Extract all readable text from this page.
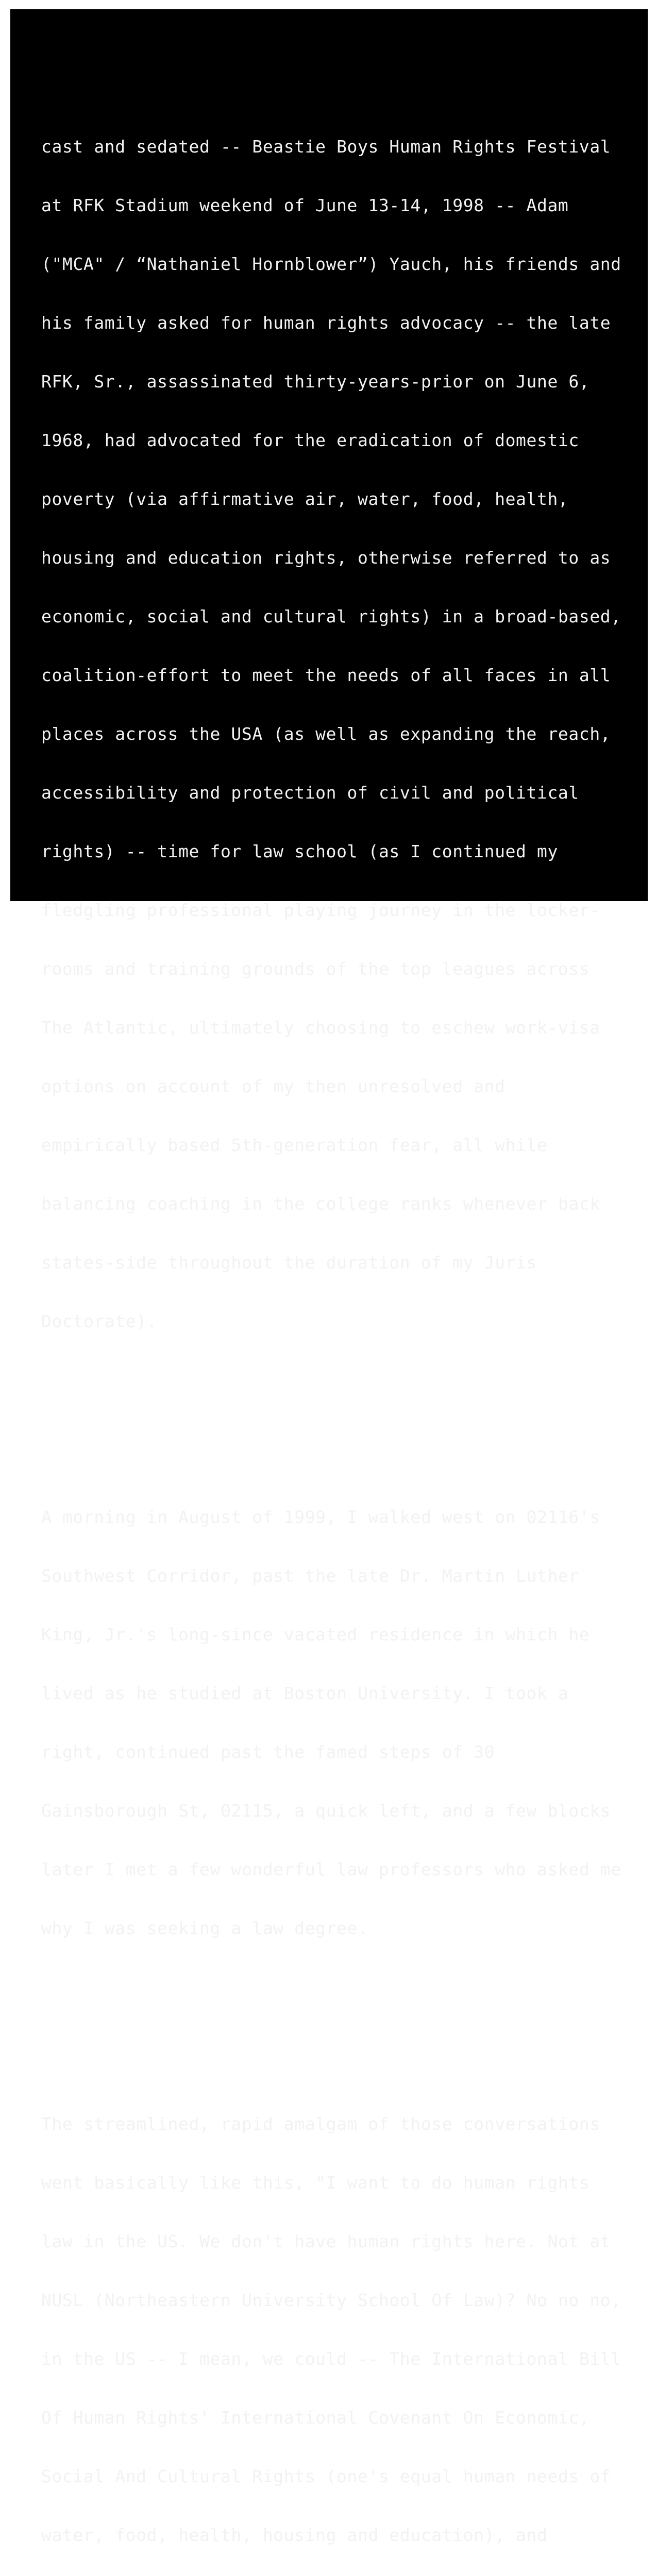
cast and sedated -- Beastie Boys Human Rights Festival

at RFK Stadium weekend of June 13-14, 1998 -- Adam

("MCA" / “Nathaniel Hornblower”) Yauch, his friends and

his family asked for human rights advocacy -- the late

RFK, Sr., assassinated thirty-years-prior on June 6,

1968, had advocated for the eradication of domestic

poverty (via affirmative air, water, food, health,

housing and education rights, otherwise referred to as

economic, social and cultural rights) in a broad-based,

coalition-effort to meet the needs of all faces in all

places across the USA (as well as expanding the reach,

accessibility and protection of civil and political

rights) -- time for law school (as I continued my

fledgling professional playing journey in the locker-

rooms and training grounds of the top leagues across

The Atlantic, ultimately choosing to eschew work-visa

options on account of my then unresolved and

empirically based 5th-generation fear, all while

balancing coaching in the college ranks whenever back

states-side throughout the duration of my Juris

Doctorate).

A morning in August of 1999, I walked west on 02116's

Southwest Corridor, past the late Dr. Martin Luther

King, Jr.'s long-since vacated residence in which he

lived as he studied at Boston University. I took a

right, continued past the famed steps of 30

Gainsborough St, 02115, a quick left, and a few blocks

later I met a few wonderful law professors who asked me

why I was seeking a law degree.

The streamlined, rapid amalgam of those conversations

went basically like this, "I want to do human rights

law in the US. We don't have human rights here. Not at

NUSL (Northeastern University School Of Law)? No no no,

in the US -- I mean, we could -- The International Bill

Of Human Rights' International Covenant On Economic,

Social And Cultural Rights (one's equal human needs of

water, food, health, housing and education), and
